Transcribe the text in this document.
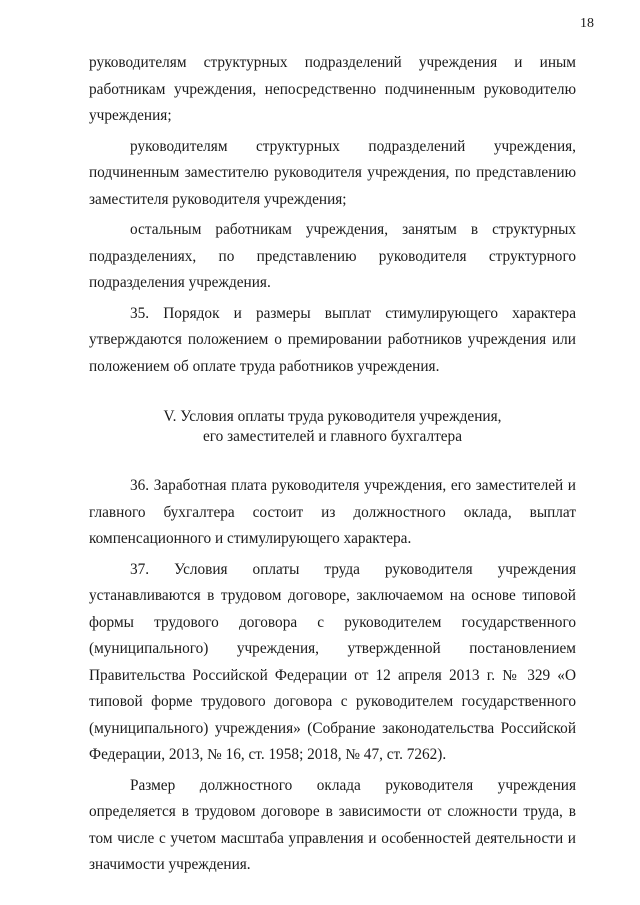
18

руководителям структурных подразделений учреждения и иным работникам учреждения, непосредственно подчиненным руководителю учреждения;

руководителям структурных подразделений учреждения, подчиненным заместителю руководителя учреждения, по представлению заместителя руководителя учреждения;

остальным работникам учреждения, занятым в структурных подразделениях, по представлению руководителя структурного подразделения учреждения.

35. Порядок и размеры выплат стимулирующего характера утверждаются положением о премировании работников учреждения или положением об оплате труда работников учреждения.

V. Условия оплаты труда руководителя учреждения,
его заместителей и главного бухгалтера

36. Заработная плата руководителя учреждения, его заместителей и главного бухгалтера состоит из должностного оклада, выплат компенсационного и стимулирующего характера.

37. Условия оплаты труда руководителя учреждения устанавливаются в трудовом договоре, заключаемом на основе типовой формы трудового договора с руководителем государственного (муниципального) учреждения, утвержденной постановлением Правительства Российской Федерации от 12 апреля 2013 г. № 329 «О типовой форме трудового договора с руководителем государственного (муниципального) учреждения» (Собрание законодательства Российской Федерации, 2013, № 16, ст. 1958; 2018, № 47, ст. 7262).

Размер должностного оклада руководителя учреждения определяется в трудовом договоре в зависимости от сложности труда, в том числе с учетом масштаба управления и особенностей деятельности и значимости учреждения.
